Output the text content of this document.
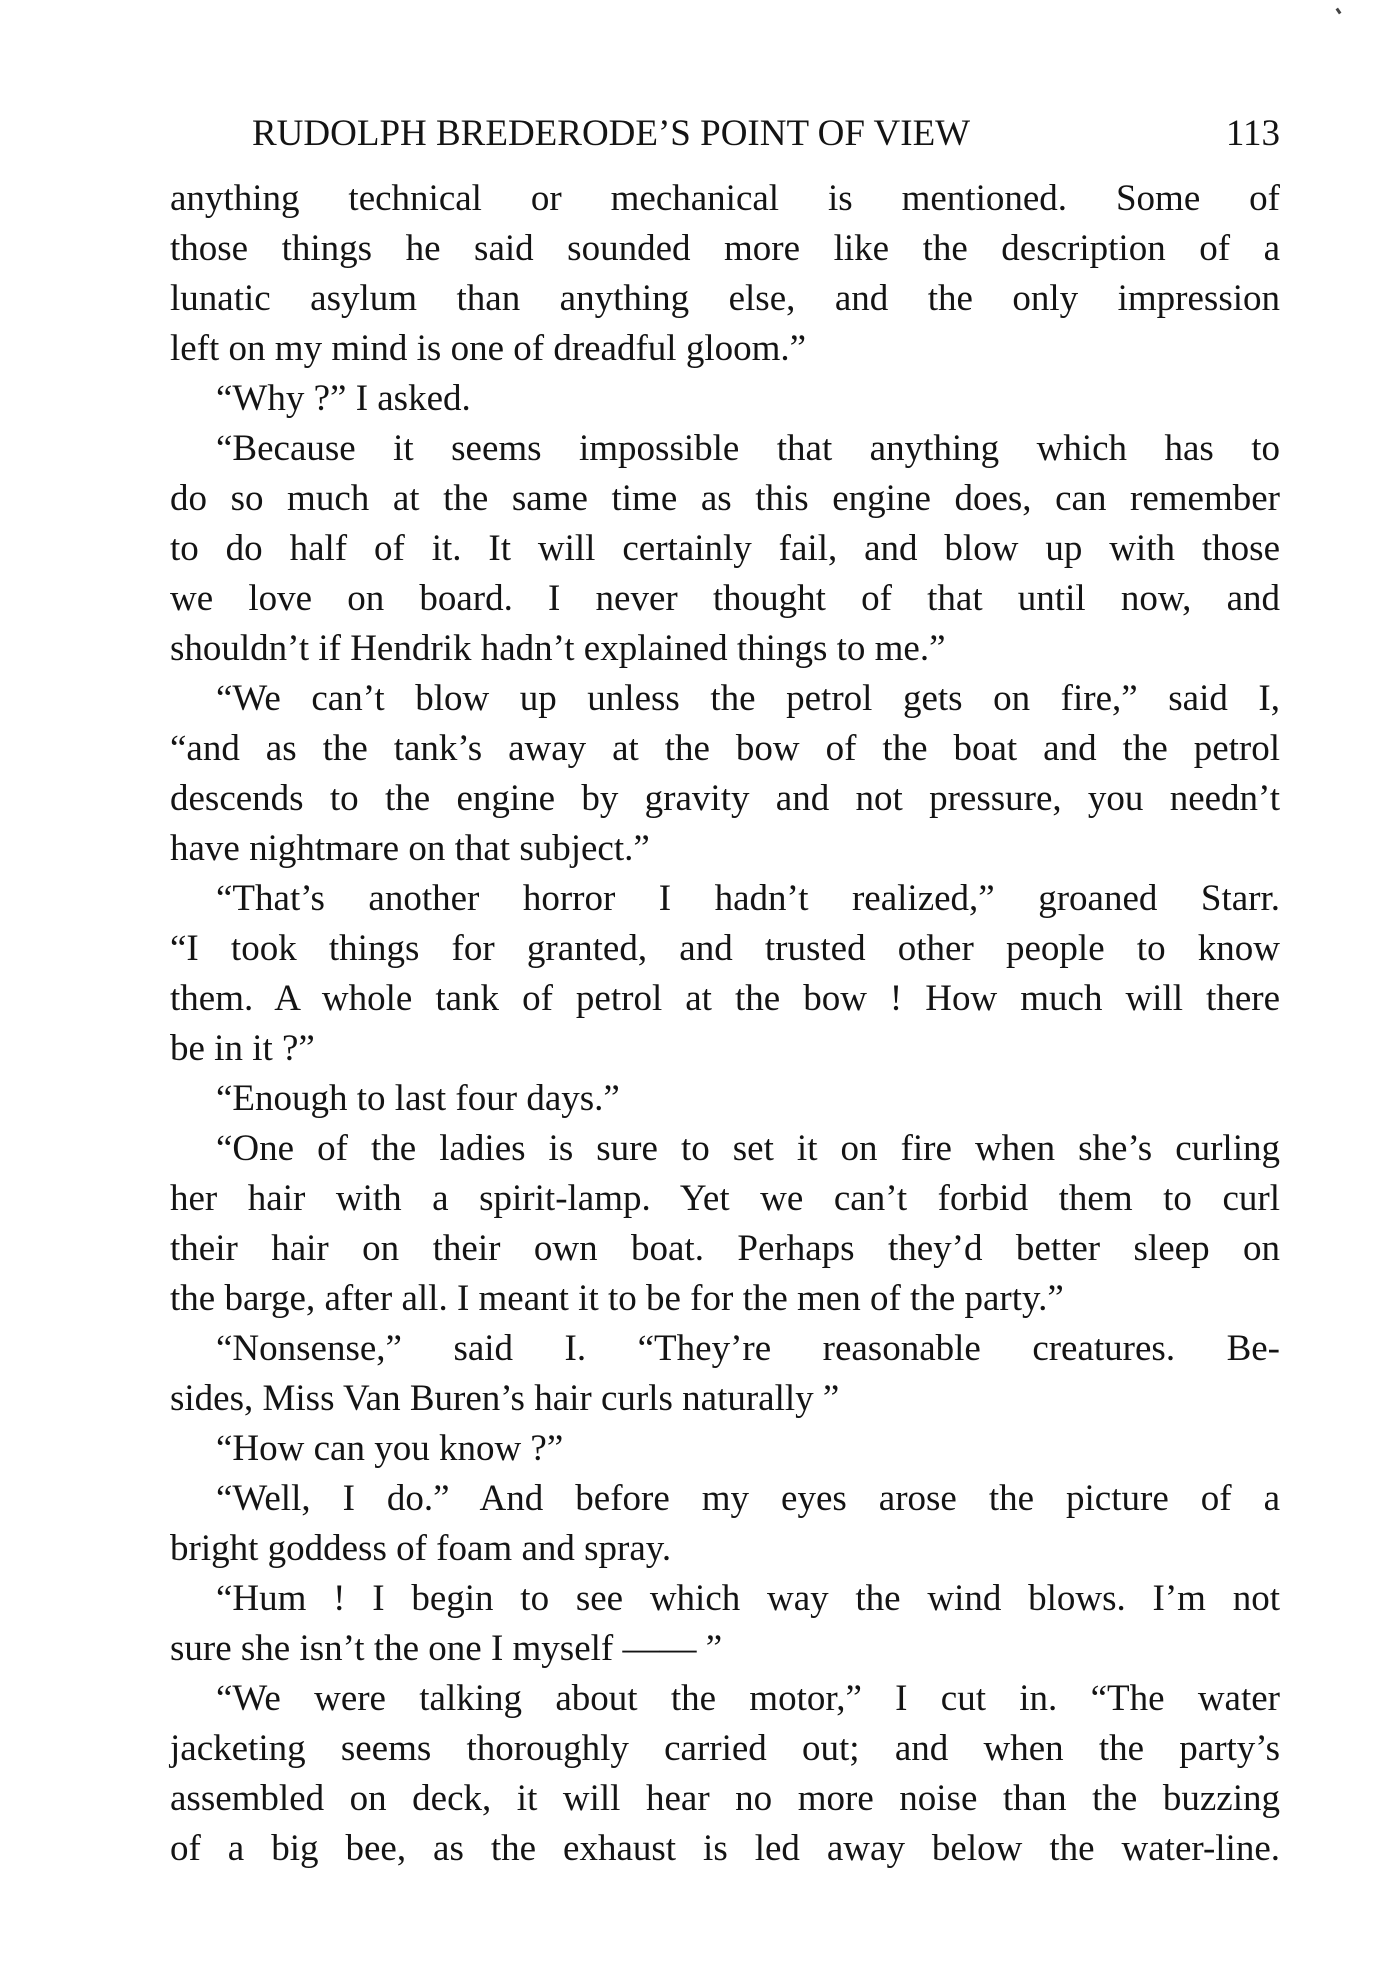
RUDOLPH BREDERODE’S POINT OF VIEW	113
anything technical or mechanical is mentioned. Some of
those things he said sounded more like the description of a
lunatic asylum than anything else, and the only impression
left on my mind is one of dreadful gloom.”
“Why ?” I asked.
“Because it seems impossible that anything which has to
do so much at the same time as this engine does, can remember
to do half of it. It will certainly fail, and blow up with those
we love on board. I never thought of that until now, and
shouldn’t if Hendrik hadn’t explained things to me.”
“We can’t blow up unless the petrol gets on fire,” said I,
“and as the tank’s away at the bow of the boat and the petrol
descends to the engine by gravity and not pressure, you needn’t
have nightmare on that subject.”
“That’s another horror I hadn’t realized,” groaned Starr.
“I took things for granted, and trusted other people to know
them. A whole tank of petrol at the bow ! How much will there
be in it ?”
“Enough to last four days.”
“One of the ladies is sure to set it on fire when she’s curling
her hair with a spirit-lamp. Yet we can’t forbid them to curl
their hair on their own boat. Perhaps they’d better sleep on
the barge, after all. I meant it to be for the men of the party.”
“Nonsense,” said I. “They’re reasonable creatures. Be-
sides, Miss Van Buren’s hair curls naturally ”
“How can you know ?”
“Well, I do.” And before my eyes arose the picture of a
bright goddess of foam and spray.
“Hum ! I begin to see which way the wind blows. I’m not
sure she isn’t the one I myself —— ”
“We were talking about the motor,” I cut in. “The water
jacketing seems thoroughly carried out; and when the party’s
assembled on deck, it will hear no more noise than the buzzing
of a big bee, as the exhaust is led away below the water-line.
